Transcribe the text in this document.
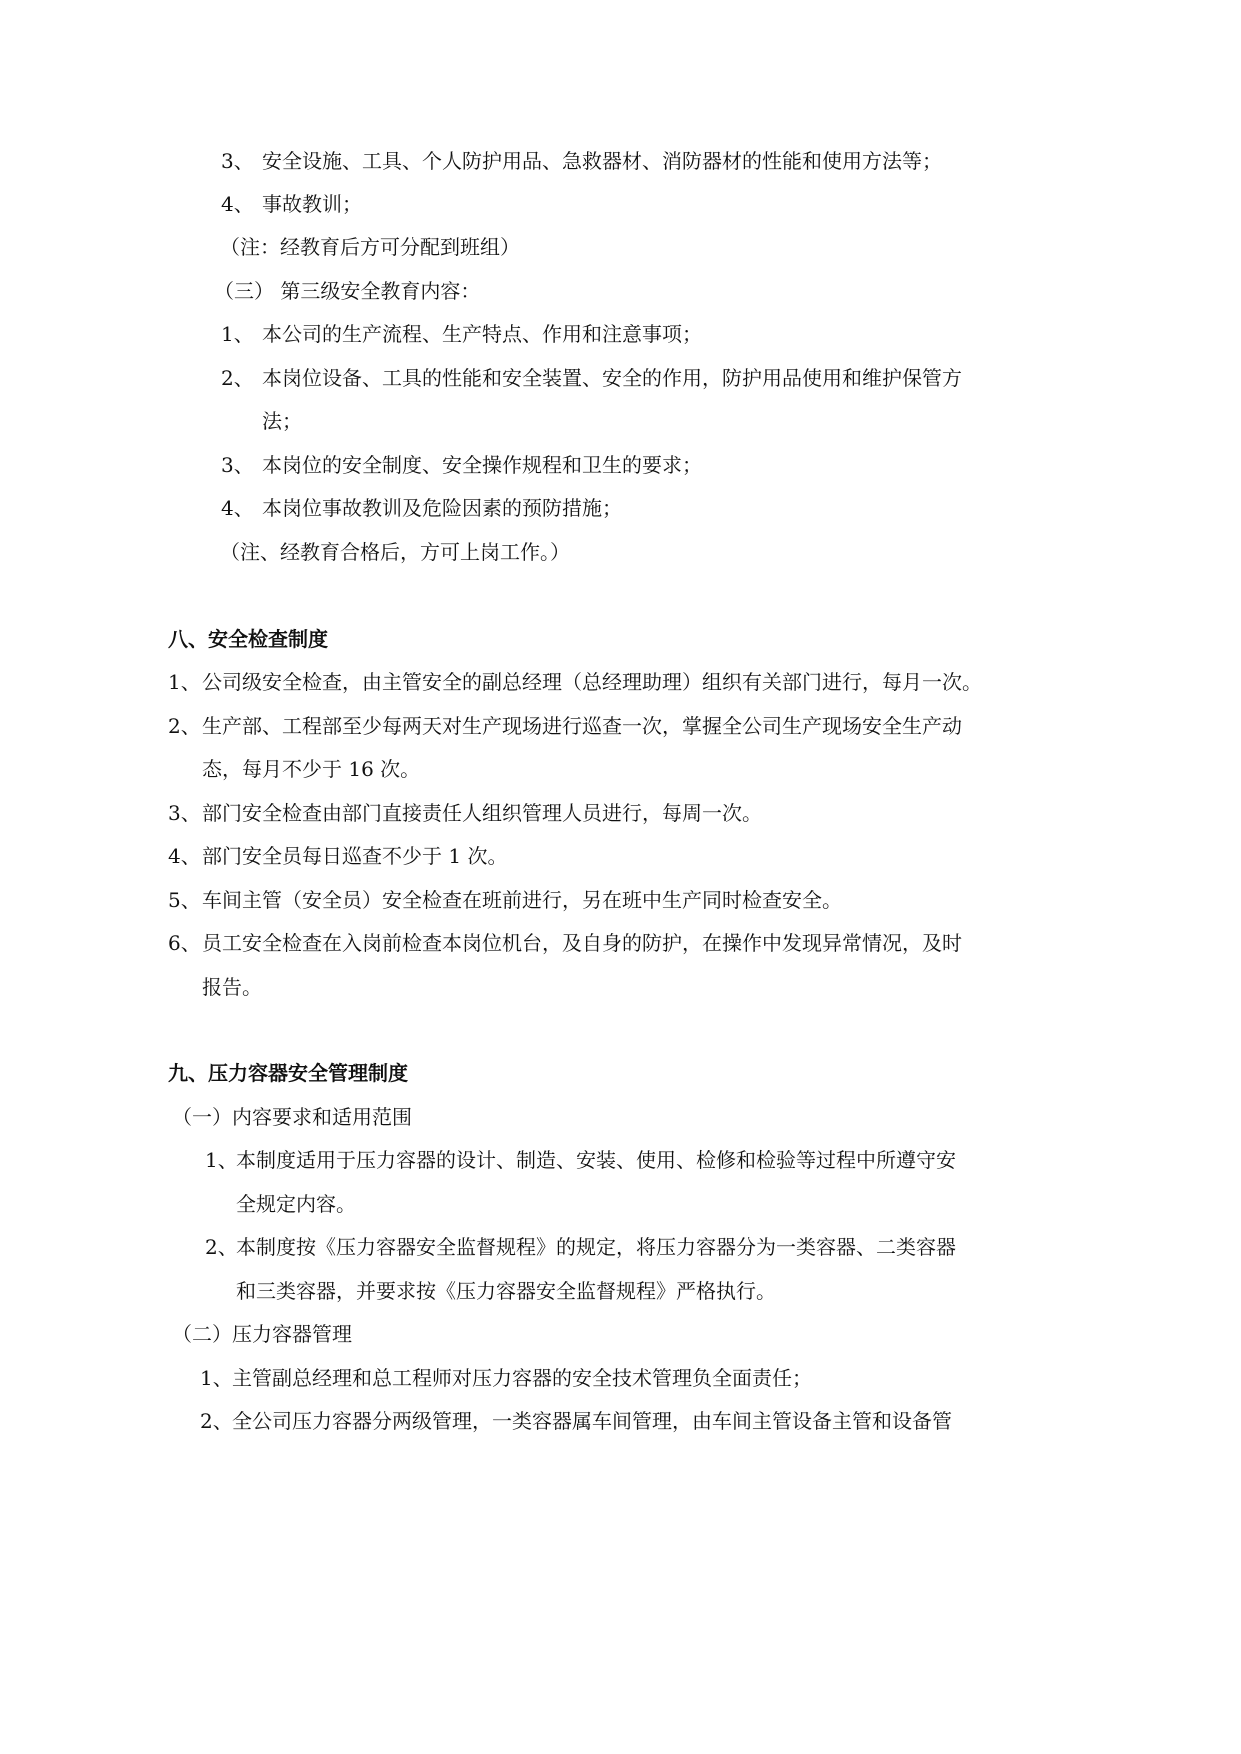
3、 安全设施、工具、个人防护用品、急救器材、消防器材的性能和使用方法等；
4、 事故教训；
（注：经教育后方可分配到班组）
（三） 第三级安全教育内容：
1、 本公司的生产流程、生产特点、作用和注意事项；
2、 本岗位设备、工具的性能和安全装置、安全的作用，防护用品使用和维护保管方
法；
3、 本岗位的安全制度、安全操作规程和卫生的要求；
4、 本岗位事故教训及危险因素的预防措施；
（注、经教育合格后，方可上岗工作。）
八、安全检查制度
1、 公司级安全检查，由主管安全的副总经理（总经理助理）组织有关部门进行，每月一次。
2、 生产部、工程部至少每两天对生产现场进行巡查一次，掌握全公司生产现场安全生产动
态，每月不少于 16 次。
3、 部门安全检查由部门直接责任人组织管理人员进行，每周一次。
4、 部门安全员每日巡查不少于 1 次。
5、 车间主管（安全员）安全检查在班前进行，另在班中生产同时检查安全。
6、 员工安全检查在入岗前检查本岗位机台，及自身的防护，在操作中发现异常情况，及时
报告。
九、压力容器安全管理制度
（一）内容要求和适用范围
1、
本制度适用于压力容器的设计、制造、安装、使用、检修和检验等过程中所遵守安
全规定内容。
2、
本制度按《压力容器安全监督规程》的规定，将压力容器分为一类容器、二类容器
和三类容器，并要求按《压力容器安全监督规程》严格执行。
（二）压力容器管理
1、 主管副总经理和总工程师对压力容器的安全技术管理负全面责任；
2、 全公司压力容器分两级管理，一类容器属车间管理，由车间主管设备主管和设备管
